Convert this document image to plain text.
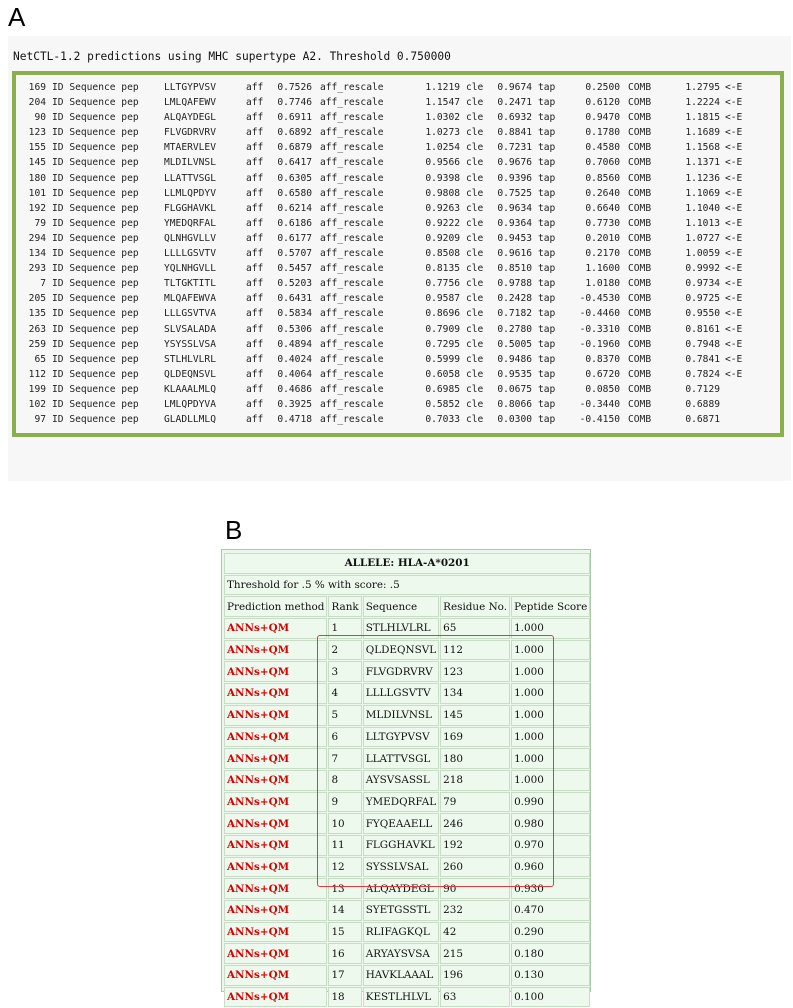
A
NetCTL-1.2 predictions using MHC supertype A2. Threshold 0.750000
169 ID Sequence pep	LLTGYPVSV	aff	0.7526 aff_rescale	1.1219 cle	0.9674 tap	0.2500 COMB	1.2795 <-E
204 ID Sequence pep	LMLQAFEWV	aff	0.7746 aff_rescale	1.1547 cle	0.2471 tap	0.6120 COMB	1.2224 <-E
90 ID Sequence pep	ALQAYDEGL	aff	0.6911 aff_rescale	1.0302 cle	0.6932 tap	0.9470 COMB	1.1815 <-E
123 ID Sequence pep	FLVGDRVRV	aff	0.6892 aff_rescale	1.0273 cle	0.8841 tap	0.1780 COMB	1.1689 <-E
155 ID Sequence pep	MTAERVLEV	aff	0.6879 aff_rescale	1.0254 cle	0.7231 tap	0.4580 COMB	1.1568 <-E
145 ID Sequence pep	MLDILVNSL	aff	0.6417 aff_rescale	0.9566 cle	0.9676 tap	0.7060 COMB	1.1371 <-E
180 ID Sequence pep	LLATTVSGL	aff	0.6305 aff_rescale	0.9398 cle	0.9396 tap	0.8560 COMB	1.1236 <-E
101 ID Sequence pep	LLMLQPDYV	aff	0.6580 aff_rescale	0.9808 cle	0.7525 tap	0.2640 COMB	1.1069 <-E
192 ID Sequence pep	FLGGHAVKL	aff	0.6214 aff_rescale	0.9263 cle	0.9634 tap	0.6640 COMB	1.1040 <-E
79 ID Sequence pep	YMEDQRFAL	aff	0.6186 aff_rescale	0.9222 cle	0.9364 tap	0.7730 COMB	1.1013 <-E
294 ID Sequence pep	QLNHGVLLV	aff	0.6177 aff_rescale	0.9209 cle	0.9453 tap	0.2010 COMB	1.0727 <-E
134 ID Sequence pep	LLLLGSVTV	aff	0.5707 aff_rescale	0.8508 cle	0.9616 tap	0.2170 COMB	1.0059 <-E
293 ID Sequence pep	YQLNHGVLL	aff	0.5457 aff_rescale	0.8135 cle	0.8510 tap	1.1600 COMB	0.9992 <-E
7 ID Sequence pep	TLTGKTITL	aff	0.5203 aff_rescale	0.7756 cle	0.9788 tap	1.0180 COMB	0.9734 <-E
205 ID Sequence pep	MLQAFEWVA	aff	0.6431 aff_rescale	0.9587 cle	0.2428 tap	-0.4530 COMB	0.9725 <-E
135 ID Sequence pep	LLLGSVTVA	aff	0.5834 aff_rescale	0.8696 cle	0.7182 tap	-0.4460 COMB	0.9550 <-E
263 ID Sequence pep	SLVSALADA	aff	0.5306 aff_rescale	0.7909 cle	0.2780 tap	-0.3310 COMB	0.8161 <-E
259 ID Sequence pep	YSYSSLVSA	aff	0.4894 aff_rescale	0.7295 cle	0.5005 tap	-0.1960 COMB	0.7948 <-E
65 ID Sequence pep	STLHLVLRL	aff	0.4024 aff_rescale	0.5999 cle	0.9486 tap	0.8370 COMB	0.7841 <-E
112 ID Sequence pep	QLDEQNSVL	aff	0.4064 aff_rescale	0.6058 cle	0.9535 tap	0.6720 COMB	0.7824 <-E
199 ID Sequence pep	KLAAALMLQ	aff	0.4686 aff_rescale	0.6985 cle	0.0675 tap	0.0850 COMB	0.7129
102 ID Sequence pep	LMLQPDYVA	aff	0.3925 aff_rescale	0.5852 cle	0.8066 tap	-0.3440 COMB	0.6889
97 ID Sequence pep	GLADLLMLQ	aff	0.4718 aff_rescale	0.7033 cle	0.0300 tap	-0.4150 COMB	0.6871
B
ALLELE: HLA-A*0201				
Threshold for .5 % with score: .5				
Prediction method	Rank	Sequence	Residue No.	Peptide Score
ANNs+QM	1	STLHLVLRL	65	1.000
ANNs+QM	2	QLDEQNSVL	112	1.000
ANNs+QM	3	FLVGDRVRV	123	1.000
ANNs+QM	4	LLLLGSVTV	134	1.000
ANNs+QM	5	MLDILVNSL	145	1.000
ANNs+QM	6	LLTGYPVSV	169	1.000
ANNs+QM	7	LLATTVSGL	180	1.000
ANNs+QM	8	AYSVSASSL	218	1.000
ANNs+QM	9	YMEDQRFAL	79	0.990
ANNs+QM	10	FYQEAAELL	246	0.980
ANNs+QM	11	FLGGHAVKL	192	0.970
ANNs+QM	12	SYSSLVSAL	260	0.960
ANNs+QM	13	ALQAYDEGL	90	0.930
ANNs+QM	14	SYETGSSTL	232	0.470
ANNs+QM	15	RLIFAGKQL	42	0.290
ANNs+QM	16	ARYAYSVSA	215	0.180
ANNs+QM	17	HAVKLAAAL	196	0.130
ANNs+QM	18	KESTLHLVL	63	0.100
